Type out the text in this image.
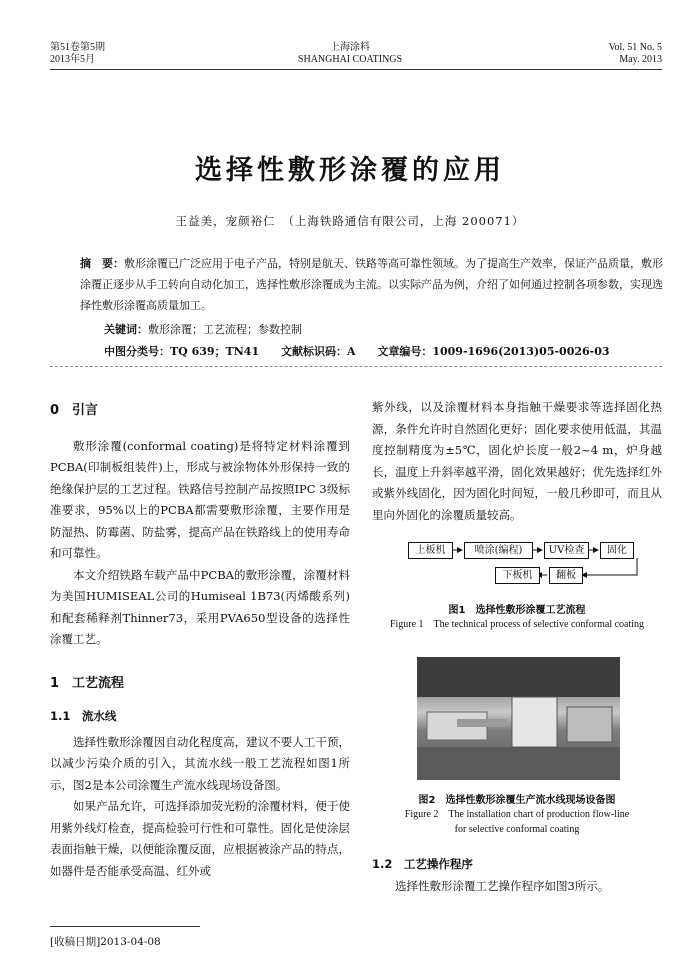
第51卷第5期
2013年5月
上海涂料
SHANGHAI COATINGS
Vol. 51 No. 5
May. 2013
选择性敷形涂覆的应用
王益美，宠颜裕仁　（上海铁路通信有限公司，上海 200071）
摘　要：敷形涂覆已广泛应用于电子产品，特别是航天、铁路等高可靠性领域。为了提高生产效率，保证产品质量，敷形涂覆正逐步从手工转向自动化加工，选择性敷形涂覆成为主流。以实际产品为例，介绍了如何通过控制各项参数，实现选择性敷形涂覆高质量加工。
关键词：敷形涂覆；工艺流程；参数控制
中图分类号：TQ 639；TN41 文献标识码：A 文章编号：1009-1696(2013)05-0026-03
0　引言

敷形涂覆(conformal coating)是将特定材料涂覆到PCBA(印制板组装件)上，形成与被涂物体外形保持一致的绝缘保护层的工艺过程。铁路信号控制产品按照IPC 3级标准要求，95%以上的PCBA都需要敷形涂覆，主要作用是防湿热、防霉菌、防盐雾，提高产品在铁路线上的使用寿命和可靠性。

本文介绍铁路车载产品中PCBA的敷形涂覆，涂覆材料为美国HUMISEAL公司的Humiseal 1B73(丙烯酸系列)和配套稀释剂Thinner73，采用PVA650型设备的选择性涂覆工艺。

1　工艺流程
1.1　流水线

选择性敷形涂覆因自动化程度高，建议不要人工干预，以减少污染介质的引入，其流水线一般工艺流程如图1所示，图2是本公司涂覆生产流水线现场设备图。

如果产品允许，可选择添加荧光粉的涂覆材料，便于使用紫外线灯检查，提高检验可行性和可靠性。固化是使涂层表面指触干燥，以便能涂覆反面，应根据被涂产品的特点，如器件是否能承受高温、红外或

紫外线，以及涂覆材料本身指触干燥要求等选择固化热源，条件允许时自然固化更好；固化要求使用低温，其温度控制精度为±5℃，固化炉长度一般2~4 m，炉身越长，温度上升斜率越平滑，固化效果越好；优先选择红外或紫外线固化，因为固化时间短，一般几秒即可，而且从里向外固化的涂覆质量较高。

上板机	喷涂(编程)	UV检查	固化
翻板
下板机
图1　选择性敷形涂覆工艺流程
Figure 1　The technical process of selective conformal coating
图2　选择性敷形涂覆生产流水线现场设备图
Figure 2　The installation chart of production flow-line
for selective conformal coating
1.2　工艺操作程序

选择性敷形涂覆工艺操作程序如图3所示。

[收稿日期]2013-04-08
